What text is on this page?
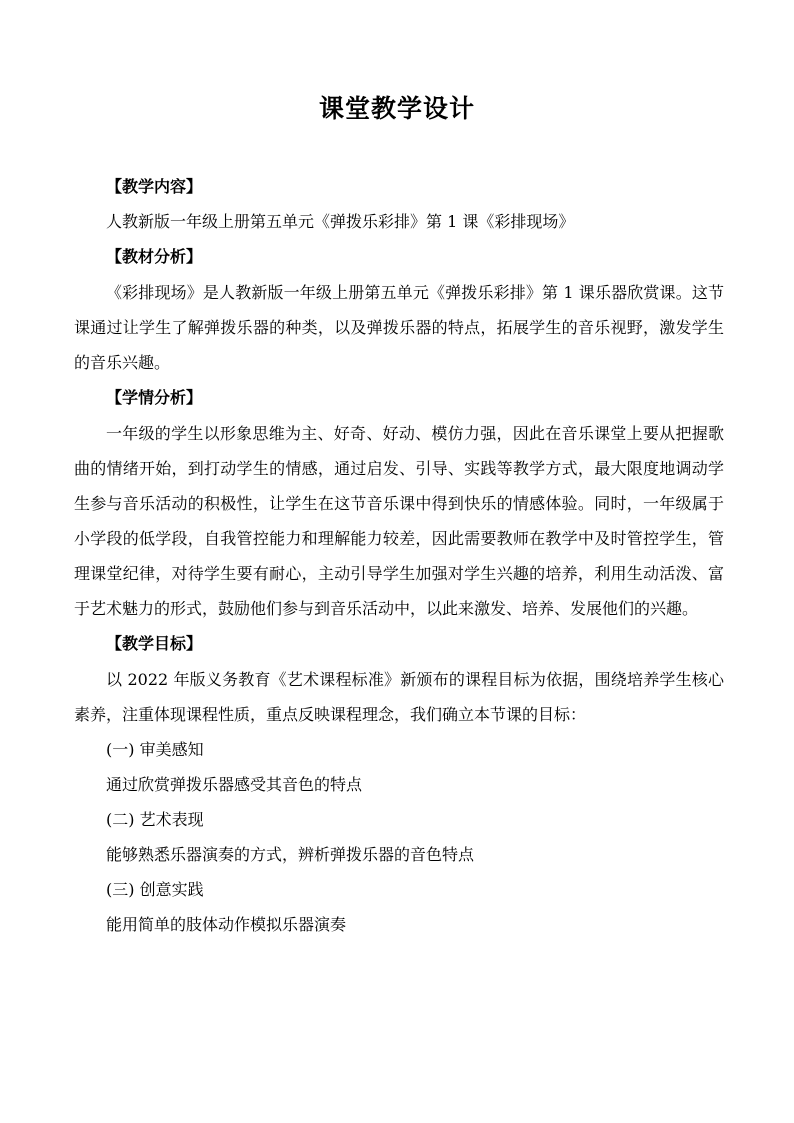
课堂教学设计
【教学内容】
人教新版一年级上册第五单元《弹拨乐彩排》第 1 课《彩排现场》
【教材分析】
《彩排现场》是人教新版一年级上册第五单元《弹拨乐彩排》第 1 课乐器欣赏课。这节课通过让学生了解弹拨乐器的种类，以及弹拨乐器的特点，拓展学生的音乐视野，激发学生的音乐兴趣。
【学情分析】
一年级的学生以形象思维为主、好奇、好动、模仿力强，因此在音乐课堂上要从把握歌曲的情绪开始，到打动学生的情感，通过启发、引导、实践等教学方式，最大限度地调动学生参与音乐活动的积极性，让学生在这节音乐课中得到快乐的情感体验。同时，一年级属于小学段的低学段，自我管控能力和理解能力较差，因此需要教师在教学中及时管控学生，管理课堂纪律，对待学生要有耐心，主动引导学生加强对学生兴趣的培养，利用生动活泼、富于艺术魅力的形式，鼓励他们参与到音乐活动中，以此来激发、培养、发展他们的兴趣。
【教学目标】
以 2022 年版义务教育《艺术课程标准》新颁布的课程目标为依据，围绕培养学生核心素养，注重体现课程性质，重点反映课程理念，我们确立本节课的目标：
(一) 审美感知
通过欣赏弹拨乐器感受其音色的特点
(二) 艺术表现
能够熟悉乐器演奏的方式，辨析弹拨乐器的音色特点
(三) 创意实践
能用简单的肢体动作模拟乐器演奏
